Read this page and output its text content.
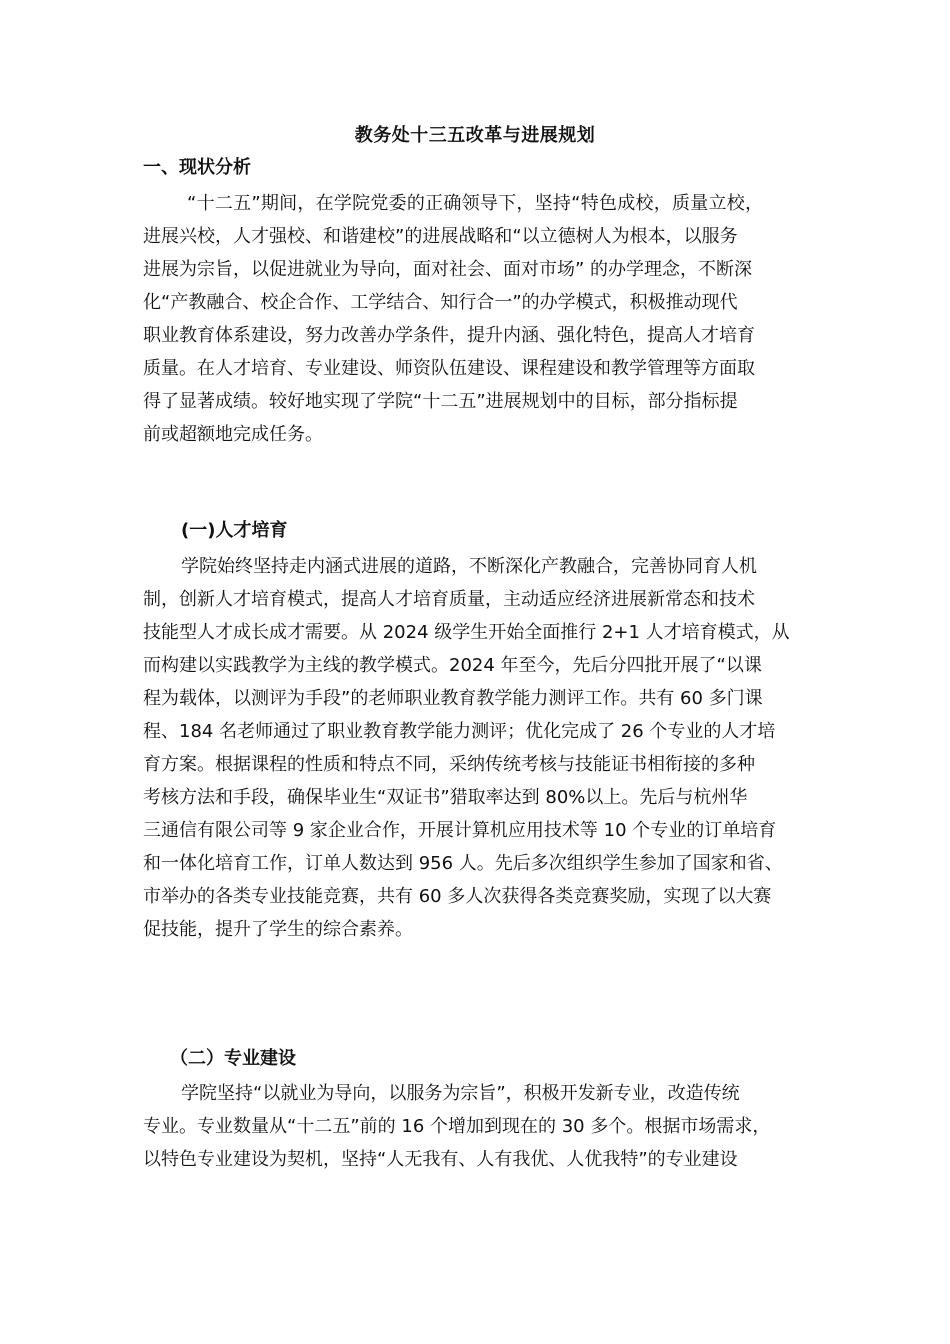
教务处十三五改革与进展规划
一、现状分析
“十二五”期间，在学院党委的正确领导下，坚持“特色成校，质量立校，
进展兴校，人才强校、和谐建校”的进展战略和“以立德树人为根本，以服务
进展为宗旨，以促进就业为导向，面对社会、面对市场” 的办学理念，不断深
化“产教融合、校企合作、工学结合、知行合一”的办学模式，积极推动现代
职业教育体系建设，努力改善办学条件，提升内涵、强化特色，提高人才培育
质量。在人才培育、专业建设、师资队伍建设、课程建设和教学管理等方面取
得了显著成绩。较好地实现了学院“十二五”进展规划中的目标，部分指标提
前或超额地完成任务。
(一)人才培育
学院始终坚持走内涵式进展的道路，不断深化产教融合，完善协同育人机
制，创新人才培育模式，提高人才培育质量，主动适应经济进展新常态和技术
技能型人才成长成才需要。从 2024 级学生开始全面推行 2+1 人才培育模式，从
而构建以实践教学为主线的教学模式。2024 年至今，先后分四批开展了“以课
程为载体，以测评为手段”的老师职业教育教学能力测评工作。共有 60 多门课
程、184 名老师通过了职业教育教学能力测评；优化完成了 26 个专业的人才培
育方案。根据课程的性质和特点不同，采纳传统考核与技能证书相衔接的多种
考核方法和手段，确保毕业生“双证书”猎取率达到 80%以上。先后与杭州华
三通信有限公司等 9 家企业合作，开展计算机应用技术等 10 个专业的订单培育
和一体化培育工作，订单人数达到 956 人。先后多次组织学生参加了国家和省、
市举办的各类专业技能竞赛，共有 60 多人次获得各类竞赛奖励，实现了以大赛
促技能，提升了学生的综合素养。
（二）专业建设
学院坚持“以就业为导向，以服务为宗旨”，积极开发新专业，改造传统
专业。专业数量从“十二五”前的 16 个增加到现在的 30 多个。根据市场需求，
以特色专业建设为契机，坚持“人无我有、人有我优、人优我特”的专业建设
